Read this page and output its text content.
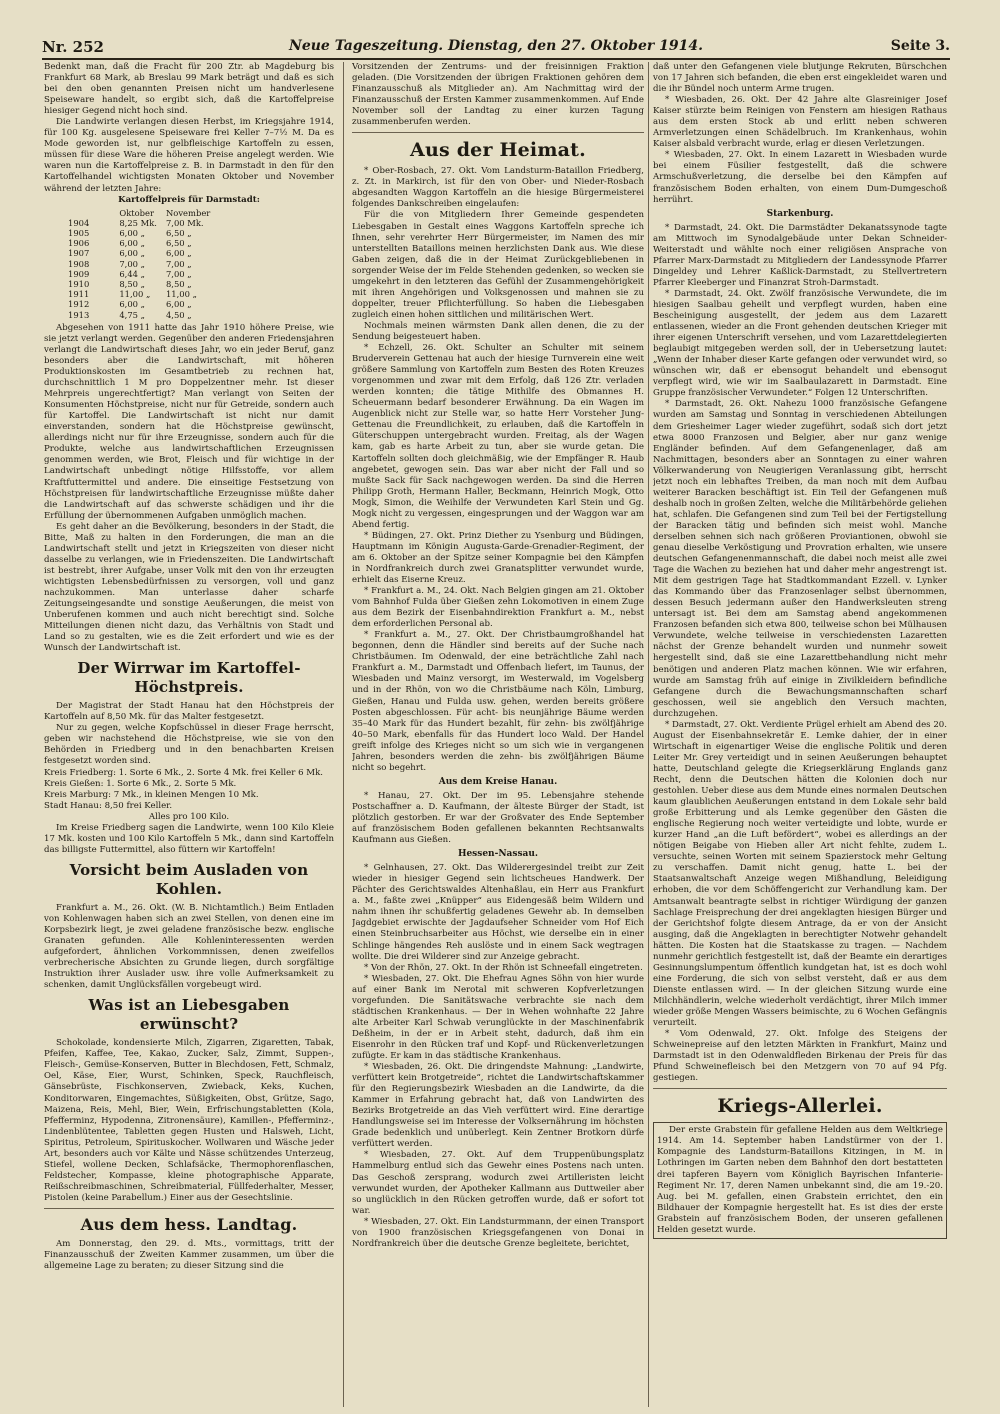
Nr. 252	Neue Tageszeitung. Dienstag, den 27. Oktober 1914.	Seite 3.

Bedenkt man, daß die Fracht für 200 Ztr. ab Magdeburg bis Frankfurt 68 Mark, ab Breslau 99 Mark beträgt und daß es sich bei den oben genannten Preisen nicht um handverlesene Speiseware handelt, so ergibt sich, daß die Kartoffelpreise hiesiger Gegend nicht hoch sind.

Die Landwirte verlangen diesen Herbst, im Kriegsjahre 1914, für 100 Kg. ausgelesene Speiseware frei Keller 7–7½ M. Da es Mode geworden ist, nur gelbfleischige Kartoffeln zu essen, müssen für diese Ware die höheren Preise angelegt werden. Wie waren nun die Kartoffelpreise z. B. in Darmstadt in den für den Kartoffelhandel wichtigsten Monaten Oktober und November während der letzten Jahre:

Kartoffelpreis für Darmstadt:
	Oktober	November
1904	8,25 Mk.	7,00 Mk.
1905	6,00 „	6,50 „
1906	6,00 „	6,50 „
1907	6,00 „	6,00 „
1908	7,00 „	7,00 „
1909	6,44 „	7,00 „
1910	8,50 „	8,50 „
1911	11,00 „	11,00 „
1912	6,00 „	6,00 „
1913	4,75 „	4,50 „

Abgesehen von 1911 hatte das Jahr 1910 höhere Preise, wie sie jetzt verlangt werden. Gegenüber den anderen Friedensjahren verlangt die Landwirtschaft dieses Jahr, wo ein jeder Beruf, ganz besonders aber die Landwirtschaft, mit höheren Produktionskosten im Gesamtbetrieb zu rechnen hat, durchschnittlich 1 M pro Doppelzentner mehr. Ist dieser Mehrpreis ungerechtfertigt? Man verlangt von Seiten der Konsumenten Höchstpreise, nicht nur für Getreide, sondern auch für Kartoffel. Die Landwirtschaft ist nicht nur damit einverstanden, sondern hat die Höchstpreise gewünscht, allerdings nicht nur für ihre Erzeugnisse, sondern auch für die Produkte, welche aus landwirtschaftlichen Erzeugnissen genommen werden, wie Brot, Fleisch und für wichtige in der Landwirtschaft unbedingt nötige Hilfsstoffe, vor allem Kraftfuttermittel und andere. Die einseitige Festsetzung von Höchstpreisen für landwirtschaftliche Erzeugnisse müßte daher die Landwirtschaft auf das schwerste schädigen und ihr die Erfüllung der übernommenen Aufgaben unmöglich machen.

Es geht daher an die Bevölkerung, besonders in der Stadt, die Bitte, Maß zu halten in den Forderungen, die man an die Landwirtschaft stellt und jetzt in Kriegszeiten von dieser nicht dasselbe zu verlangen, wie in Friedenszeiten. Die Landwirtschaft ist bestrebt, ihrer Aufgabe, unser Volk mit den von ihr erzeugten wichtigsten Lebensbedürfnissen zu versorgen, voll und ganz nachzukommen. Man unterlasse daher scharfe Zeitungseingesandte und sonstige Aeußerungen, die meist von Unberufenen kommen und auch nicht berechtigt sind. Solche Mitteilungen dienen nicht dazu, das Verhältnis von Stadt und Land so zu gestalten, wie es die Zeit erfordert und wie es der Wunsch der Landwirtschaft ist.

Der Wirrwar im Kartoffel-Höchstpreis.

Der Magistrat der Stadt Hanau hat den Höchstpreis der Kartoffeln auf 8,50 Mk. für das Malter festgesetzt.

Nur zu gegen, welche Kopfschüssel in dieser Frage herrscht, geben wir nachstehend die Höchstpreise, wie sie von den Behörden in Friedberg und in den benachbarten Kreisen festgesetzt worden sind.

Kreis Friedberg: 1. Sorte 6 Mk., 2. Sorte 4 Mk. frei Keller 6 Mk.

Kreis Gießen: 1. Sorte 6 Mk., 2. Sorte 5 Mk.

Kreis Marburg: 7 Mk., in kleinen Mengen 10 Mk.

Stadt Hanau: 8,50 frei Keller.

Alles pro 100 Kilo.

Im Kreise Friedberg sagen die Landwirte, wenn 100 Kilo Kleie 17 Mk. kosten und 100 Kilo Kartoffeln 5 Mk., dann sind Kartoffeln das billigste Futtermittel, also füttern wir Kartoffeln!

Vorsicht beim Ausladen von Kohlen.

Frankfurt a. M., 26. Okt. (W. B. Nichtamtlich.) Beim Entladen von Kohlenwagen haben sich an zwei Stellen, von denen eine im Korpsbezirk liegt, je zwei geladene französische bezw. englische Granaten gefunden. Alle Kohleninteressenten werden aufgefordert, ähnlichen Vorkommnissen, denen zweifellos verbrecherische Absichten zu Grunde liegen, durch sorgfältige Instruktion ihrer Auslader usw. ihre volle Aufmerksamkeit zu schenken, damit Unglücksfällen vorgebeugt wird.

Was ist an Liebesgaben erwünscht?

Schokolade, kondensierte Milch, Zigarren, Zigaretten, Tabak, Pfeifen, Kaffee, Tee, Kakao, Zucker, Salz, Zimmt, Suppen-, Fleisch-, Gemüse-Konserven, Butter in Blechdosen, Fett, Schmalz, Oel, Käse, Eier, Wurst, Schinken, Speck, Rauchfleisch, Gänsebrüste, Fischkonserven, Zwieback, Keks, Kuchen, Konditorwaren, Eingemachtes, Süßigkeiten, Obst, Grütze, Sago, Maizena, Reis, Mehl, Bier, Wein, Erfrischungstabletten (Kola, Pfefferminz, Hypodenna, Zitronensäure), Kamillen-, Pfefferminz-, Lindenblütentee, Tabletten gegen Husten und Halsweh, Licht, Spiritus, Petroleum, Spirituskocher. Wollwaren und Wäsche jeder Art, besonders auch vor Kälte und Nässe schützendes Unterzeug, Stiefel, wollene Decken, Schlafsäcke, Thermophorenflaschen, Feldstecher, Kompasse, kleine photographische Apparate, Reißschreibmaschinen, Schreibmaterial, Füllfederhalter, Messer, Pistolen (keine Parabellum.) Einer aus der Gesechtslinie.

Aus dem hess. Landtag.

Am Donnerstag, den 29. d. Mts., vormittags, tritt der Finanzausschuß der Zweiten Kammer zusammen, um über die allgemeine Lage zu beraten; zu dieser Sitzung sind die

Vorsitzenden der Zentrums- und der freisinnigen Fraktion geladen. (Die Vorsitzenden der übrigen Fraktionen gehören dem Finanzausschuß als Mitglieder an). Am Nachmittag wird der Finanzausschuß der Ersten Kammer zusammenkommen. Auf Ende November soll der Landtag zu einer kurzen Tagung zusammenberufen werden.

Aus der Heimat.

* Ober-Rosbach, 27. Okt. Vom Landsturm-Bataillon Friedberg, z. Zt. in Markirch, ist für den von Ober- und Nieder-Rosbach abgesandten Waggon Kartoffeln an die hiesige Bürgermeisterei folgendes Dankschreiben eingelaufen:

Für die von Mitgliedern Ihrer Gemeinde gespendeten Liebesgaben in Gestalt eines Waggons Kartoffeln spreche ich Ihnen, sehr verehrter Herr Bürgermeister, im Namen des mir unterstellten Bataillons meinen herzlichsten Dank aus. Wie diese Gaben zeigen, daß die in der Heimat Zurückgebliebenen in sorgender Weise der im Felde Stehenden gedenken, so wecken sie umgekehrt in den letzteren das Gefühl der Zusammengehörigkeit mit ihren Angehörigen und Volksgenossen und mahnen sie zu doppelter, treuer Pflichterfüllung. So haben die Liebesgaben zugleich einen hohen sittlichen und militärischen Wert.

Nochmals meinen wärmsten Dank allen denen, die zu der Sendung beigesteuert haben.

* Echzell, 26. Okt. Schulter an Schulter mit seinem Bruderverein Gettenau hat auch der hiesige Turnverein eine weit größere Sammlung von Kartoffeln zum Besten des Roten Kreuzes vorgenommen und zwar mit dem Erfolg, daß 126 Ztr. verladen werden konnten; die tätige Mithilfe des Obmannes H. Scheuermann bedarf besonderer Erwähnung. Da ein Wagen im Augenblick nicht zur Stelle war, so hatte Herr Vorsteher Jung-Gettenau die Freundlichkeit, zu erlauben, daß die Kartoffeln in Güterschuppen untergebracht wurden. Freitag, als der Wagen kam, gab es harte Arbeit zu tun, aber sie wurde getan. Die Kartoffeln sollten doch gleichmäßig, wie der Empfänger R. Haub angebetet, gewogen sein. Das war aber nicht der Fall und so mußte Sack für Sack nachgewogen werden. Da sind die Herren Philipp Groth, Hermann Haller, Beckmann, Heinrich Mogk, Otto Mogk, Simon, die Weihilfe der Verwundeten Karl Stein und Gg. Mogk nicht zu vergessen, eingesprungen und der Waggon war am Abend fertig.

* Büdingen, 27. Okt. Prinz Diether zu Ysenburg und Büdingen, Hauptmann im Königin Augusta-Garde-Grenadier-Regiment, der am 6. Oktober an der Spitze seiner Kompagnie bei den Kämpfen in Nordfrankreich durch zwei Granatsplitter verwundet wurde, erhielt das Eiserne Kreuz.

* Frankfurt a. M., 24. Okt. Nach Belgien gingen am 21. Oktober vom Bahnhof Fulda über Gießen zehn Lokomotiven in einem Zuge aus dem Bezirk der Eisenbahndirektion Frankfurt a. M., nebst dem erforderlichen Personal ab.

* Frankfurt a. M., 27. Okt. Der Christbaumgroßhandel hat begonnen, denn die Händler sind bereits auf der Suche nach Christbäumen. Im Odenwald, der eine beträchtliche Zahl nach Frankfurt a. M., Darmstadt und Offenbach liefert, im Taunus, der Wiesbaden und Mainz versorgt, im Westerwald, im Vogelsberg und in der Rhön, von wo die Christbäume nach Köln, Limburg, Gießen, Hanau und Fulda usw. gehen, werden bereits größere Posten abgeschlossen. Für acht- bis neunjährige Bäume werden 35–40 Mark für das Hundert bezahlt, für zehn- bis zwölfjährige 40–50 Mark, ebenfalls für das Hundert loco Wald. Der Handel greift infolge des Krieges nicht so um sich wie in vergangenen Jahren, besonders werden die zehn- bis zwölfjährigen Bäume nicht so begehrt.

Aus dem Kreise Hanau.

* Hanau, 27. Okt. Der im 95. Lebensjahre stehende Postschaffner a. D. Kaufmann, der älteste Bürger der Stadt, ist plötzlich gestorben. Er war der Großvater des Ende September auf französischem Boden gefallenen bekannten Rechtsanwalts Kaufmann aus Gießen.

Hessen-Nassau.

* Gelnhausen, 27. Okt. Das Wilderergesindel treibt zur Zeit wieder in hiesiger Gegend sein lichtscheues Handwerk. Der Pächter des Gerichtswaldes Altenhaßlau, ein Herr aus Frankfurt a. M., faßte zwei „Knüpper“ aus Eidengesäß beim Wildern und nahm ihnen ihr schußfertig geladenes Gewehr ab. In demselben Jagdgebiet erwischte der Jagdaufseher Schneider vom Hof Eich einen Steinbruchsarbeiter aus Höchst, wie derselbe ein in einer Schlinge hängendes Reh auslöste und in einem Sack wegtragen wollte. Die drei Wilderer sind zur Anzeige gebracht.

* Von der Rhön, 27. Okt. In der Rhön ist Schneefall eingetreten.

* Wiesbaden, 27. Okt. Die Ehefrau Agnes Söhn von hier wurde auf einer Bank im Nerotal mit schweren Kopfverletzungen vorgefunden. Die Sanitätswache verbrachte sie nach dem städtischen Krankenhaus. — Der in Wehen wohnhafte 22 Jahre alte Arbeiter Karl Schwab verunglückte in der Maschinenfabrik Deßheim, in der er in Arbeit steht, dadurch, daß ihm ein Eisenrohr in den Rücken traf und Kopf- und Rückenverletzungen zufügte. Er kam in das städtische Krankenhaus.

* Wiesbaden, 26. Okt. Die dringendste Mahnung: „Landwirte, verfüttert kein Brotgetreide“, richtet die Landwirtschaftskammer für den Regierungsbezirk Wiesbaden an die Landwirte, da die Kammer in Erfahrung gebracht hat, daß von Landwirten des Bezirks Brotgetreide an das Vieh verfüttert wird. Eine derartige Handlungsweise sei im Interesse der Volksernährung im höchsten Grade bedenklich und unüberlegt. Kein Zentner Brotkorn dürfe verfüttert werden.

* Wiesbaden, 27. Okt. Auf dem Truppenübungsplatz Hammelburg entlud sich das Gewehr eines Postens nach unten. Das Geschoß zersprang, wodurch zwei Artilleristen leicht verwundet wurden, der Apotheker Kallmann aus Duttweiler aber so unglücklich in den Rücken getroffen wurde, daß er sofort tot war.

* Wiesbaden, 27. Okt. Ein Landsturmmann, der einen Transport von 1900 französischen Kriegsgefangenen von Donai in Nordfrankreich über die deutsche Grenze begleitete, berichtet,

daß unter den Gefangenen viele blutjunge Rekruten, Bürschchen von 17 Jahren sich befanden, die eben erst eingekleidet waren und die ihr Bündel noch unterm Arme trugen.

* Wiesbaden, 26. Okt. Der 42 Jahre alte Glasreiniger Josef Kaiser stürzte beim Reinigen von Fenstern am hiesigen Rathaus aus dem ersten Stock ab und erlitt neben schweren Armverletzungen einen Schädelbruch. Im Krankenhaus, wohin Kaiser alsbald verbracht wurde, erlag er diesen Verletzungen.

* Wiesbaden, 27. Okt. In einem Lazarett in Wiesbaden wurde bei einem Füsilier festgestellt, daß die schwere Armschußverletzung, die derselbe bei den Kämpfen auf französischem Boden erhalten, von einem Dum-Dumgeschoß herrührt.

Starkenburg.

* Darmstadt, 24. Okt. Die Darmstädter Dekanatssynode tagte am Mittwoch im Synodalgebäude unter Dekan Schneider-Weiterstadt und wählte noch einer religiösen Ansprache von Pfarrer Marx-Darmstadt zu Mitgliedern der Landessynode Pfarrer Dingeldey und Lehrer Kaßlick-Darmstadt, zu Stellvertretern Pfarrer Kleeberger und Finanzrat Stroh-Darmstadt.

* Darmstadt, 24. Okt. Zwölf französische Verwundete, die im hiesigen Saalbau geheilt und verpflegt wurden, haben eine Bescheinigung ausgestellt, der jedem aus dem Lazarett entlassenen, wieder an die Front gehenden deutschen Krieger mit ihrer eigenen Unterschrift versehen, und vom Lazarettdelegierten beglaubigt mitgegeben werden soll, der in Uebersetzung lautet: „Wenn der Inhaber dieser Karte gefangen oder verwundet wird, so wünschen wir, daß er ebensogut behandelt und ebensogut verpflegt wird, wie wir im Saalbaulazarett in Darmstadt. Eine Gruppe französischer Verwundeter.“ Folgen 12 Unterschriften.

* Darmstadt, 26. Okt. Nahezu 1000 französische Gefangene wurden am Samstag und Sonntag in verschiedenen Abteilungen dem Griesheimer Lager wieder zugeführt, sodaß sich dort jetzt etwa 8000 Franzosen und Belgier, aber nur ganz wenige Engländer befinden. Auf dem Gefangenenlager, daß am Nachmittagen, besonders aber an Sonntagen zu einer wahren Völkerwanderung von Neugierigen Veranlassung gibt, herrscht jetzt noch ein lebhaftes Treiben, da man noch mit dem Aufbau weiterer Baracken beschäftigt ist. Ein Teil der Gefangenen muß deshalb noch in großen Zelten, welche die Militärbehörde geliehen hat, schlafen. Die Gefangenen sind zum Teil bei der Fertigstellung der Baracken tätig und befinden sich meist wohl. Manche derselben sehnen sich nach größeren Proviantionen, obwohl sie genau dieselbe Verköstigung und Provration erhalten, wie unsere deutschen Gefangenenmannschaft, die dabei noch meist alle zwei Tage die Wachen zu beziehen hat und daher mehr angestrengt ist. Mit dem gestrigen Tage hat Stadtkommandant Ezzell. v. Lynker das Kommando über das Franzosenlager selbst übernommen, dessen Besuch jedermann außer den Handwerksleuten streng untersagt ist. Bei dem am Samstag abend angekommenen Franzosen befanden sich etwa 800, teilweise schon bei Mülhausen Verwundete, welche teilweise in verschiedensten Lazaretten nächst der Grenze behandelt wurden und nunmehr soweit hergestellt sind, daß sie eine Lazarettbehandlung nicht mehr benötigen und anderen Platz machen können. Wie wir erfahren, wurde am Samstag früh auf einige in Zivilkleidern befindliche Gefangene durch die Bewachungsmannschaften scharf geschossen, weil sie angeblich den Versuch machten, durchzugehen.

* Darmstadt, 27. Okt. Verdiente Prügel erhielt am Abend des 20. August der Eisenbahnsekretär E. Lemke dahier, der in einer Wirtschaft in eigenartiger Weise die englische Politik und deren Leiter Mr. Grey verteidigt und in seinen Aeußerungen behauptet hatte, Deutschland gelegte die Kriegserklärung Englands ganz Recht, denn die Deutschen hätten die Kolonien doch nur gestohlen. Ueber diese aus dem Munde eines normalen Deutschen kaum glaublichen Aeußerungen entstand in dem Lokale sehr bald große Erbitterung und als Lemke gegenüber den Gästen die englische Regierung noch weiter verteidigte und lobte, wurde er kurzer Hand „an die Luft befördert“, wobei es allerdings an der nötigen Beigabe von Hieben aller Art nicht fehlte, zudem L. versuchte, seinen Worten mit seinem Spazierstock mehr Geltung zu verschaffen. Damit nicht genug, hatte L. bei der Staatsanwaltschaft Anzeige wegen Mißhandlung, Beleidigung erhoben, die vor dem Schöffengericht zur Verhandlung kam. Der Amtsanwalt beantragte selbst in richtiger Würdigung der ganzen Sachlage Freisprechung der drei angeklagten hiesigen Bürger und der Gerichtshof folgte diesem Antrage, da er von der Ansicht ausging, daß die Angeklagten in berechtigter Notwehr gehandelt hätten. Die Kosten hat die Staatskasse zu tragen. — Nachdem nunmehr gerichtlich festgestellt ist, daß der Beamte ein derartiges Gesinnungslumpentum öffentlich kundgetan hat, ist es doch wohl eine Forderung, die sich von selbst versteht, daß er aus dem Dienste entlassen wird. — In der gleichen Sitzung wurde eine Milchhändlerin, welche wiederholt verdächtigt, ihrer Milch immer wieder größe Mengen Wassers beimischte, zu 6 Wochen Gefängnis verurteilt.

* Vom Odenwald, 27. Okt. Infolge des Steigens der Schweinepreise auf den letzten Märkten in Frankfurt, Mainz und Darmstadt ist in den Odenwaldfleden Birkenau der Preis für das Pfund Schweinefleisch bei den Metzgern von 70 auf 94 Pfg. gestiegen.

Kriegs-Allerlei.

Der erste Grabstein für gefallene Helden aus dem Weltkriege 1914. Am 14. September haben Landstürmer von der 1. Kompagnie des Landsturm-Bataillons Kitzingen, in M. in Lothringen im Garten neben dem Bahnhof den dort bestatteten drei tapferen Bayern vom Königlich Bayrischen Infanterie-Regiment Nr. 17, deren Namen unbekannt sind, die am 19.-20. Aug. bei M. gefallen, einen Grabstein errichtet, den ein Bildhauer der Kompagnie hergestellt hat. Es ist dies der erste Grabstein auf französischem Boden, der unseren gefallenen Helden gesetzt wurde.
